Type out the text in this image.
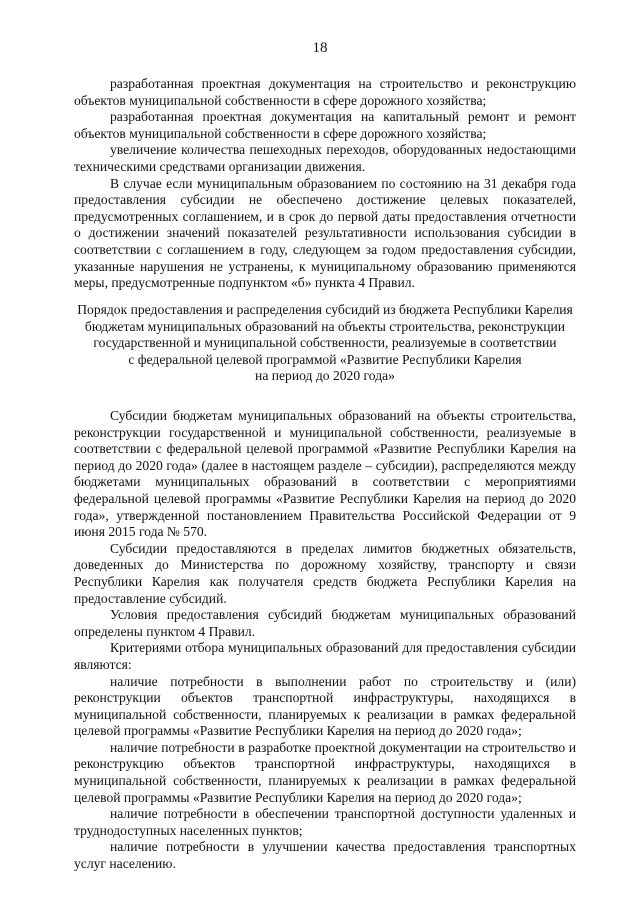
18

разработанная проектная документация на строительство и реконструкцию объектов муниципальной собственности в сфере дорожного хозяйства;

разработанная проектная документация на капитальный ремонт и ремонт объектов муниципальной собственности в сфере дорожного хозяйства;

увеличение количества пешеходных переходов, оборудованных недостающими техническими средствами организации движения.

В случае если муниципальным образованием по состоянию на 31 декабря года предоставления субсидии не обеспечено достижение целевых показателей, предусмотренных соглашением, и в срок до первой даты предоставления отчетности о достижении значений показателей результативности использования субсидии в соответствии с соглашением в году, следующем за годом предоставления субсидии, указанные нарушения не устранены, к муниципальному образованию применяются меры, предусмотренные подпунктом «б» пункта 4 Правил.

Порядок предоставления и распределения субсидий из бюджета Республики Карелия
бюджетам муниципальных образований на объекты строительства, реконструкции
государственной и муниципальной собственности, реализуемые в соответствии
с федеральной целевой программой «Развитие Республики Карелия
на период до 2020 года»

Субсидии бюджетам муниципальных образований на объекты строительства, реконструкции государственной и муниципальной собственности, реализуемые в соответствии с федеральной целевой программой «Развитие Республики Карелия на период до 2020 года» (далее в настоящем разделе – субсидии), распределяются между бюджетами муниципальных образований в соответствии с мероприятиями федеральной целевой программы «Развитие Республики Карелия на период до 2020 года», утвержденной постановлением Правительства Российской Федерации от 9 июня 2015 года № 570.

Субсидии предоставляются в пределах лимитов бюджетных обязательств, доведенных до Министерства по дорожному хозяйству, транспорту и связи Республики Карелия как получателя средств бюджета Республики Карелия на предоставление субсидий.

Условия предоставления субсидий бюджетам муниципальных образований определены пунктом 4 Правил.

Критериями отбора муниципальных образований для предоставления субсидии являются:

наличие потребности в выполнении работ по строительству и (или) реконструкции объектов транспортной инфраструктуры, находящихся в муниципальной собственности, планируемых к реализации в рамках федеральной целевой программы «Развитие Республики Карелия на период до 2020 года»;

наличие потребности в разработке проектной документации на строительство и реконструкцию объектов транспортной инфраструктуры, находящихся в муниципальной собственности, планируемых к реализации в рамках федеральной целевой программы «Развитие Республики Карелия на период до 2020 года»;

наличие потребности в обеспечении транспортной доступности удаленных и труднодоступных населенных пунктов;

наличие потребности в улучшении качества предоставления транспортных услуг населению.
